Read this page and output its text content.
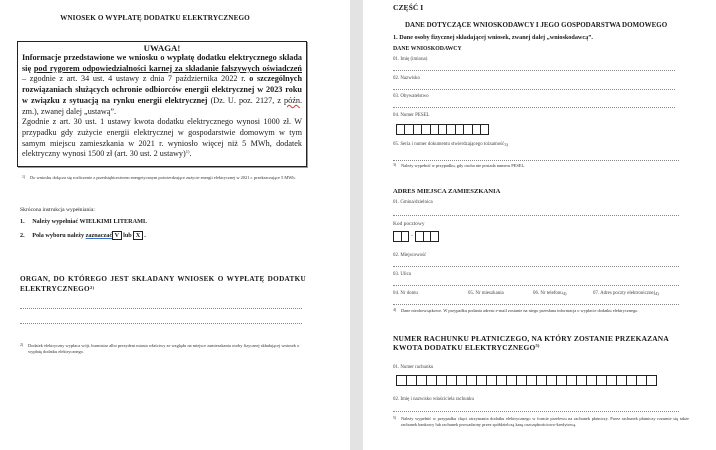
WNIOSEK O WYPŁATĘ DODATKU ELEKTRYCZNEGO
UWAGA!
Informacje przedstawione we wniosku o wypłatę dodatku elektrycznego składa się pod rygorem odpowiedzialności karnej za składanie fałszywych oświadczeń – zgodnie z art. 34 ust. 4 ustawy z dnia 7 października 2022 r. o szczególnych rozwiązaniach służących ochronie odbiorców energii elektrycznej w 2023 roku w związku z sytuacją na rynku energii elektrycznej (Dz. U. poz. 2127, z późn. zm.), zwanej dalej „ustawą”.
Zgodnie z art. 30 ust. 1 ustawy kwota dodatku elektrycznego wynosi 1000 zł. W przypadku gdy zużycie energii elektrycznej w gospodarstwie domowym w tym samym miejscu zamieszkania w 2021 r. wyniosło więcej niż 5 MWh, dodatek elektryczny wynosi 1500 zł (art. 30 ust. 2 ustawy)$^{1)}$.
1) Do wniosku dołącza się rozliczenie z przedsiębiorstwem energetycznym potwierdzające zużycie energii elektrycznej w 2021 r. przekraczające 5 MWh.
Skrócona instrukcja wypełniania:
1. Należy wypełniać WIELKIMI LITERAMI.
2. Pola wyboru należy zaznaczać V lub X .
ORGAN, DO KTÓREGO JEST SKŁADANY WNIOSEK O WYPŁATĘ DODATKU ELEKTRYCZNEGO$^{2)}$
2) Dodatek elektryczny wypłaca wójt, burmistrz albo prezydent miasta właściwy ze względu na miejsce zamieszkania osoby fizycznej składającej wniosek o wypłatę dodatku elektrycznego.
CZĘŚĆ I
DANE DOTYCZĄCE WNIOSKODAWCY I JEGO GOSPODARSTWA DOMOWEGO
1. Dane osoby fizycznej składającej wniosek, zwanej dalej „wnioskodawcą”.
DANE WNIOSKODAWCY
01. Imię (imiona)
02. Nazwisko
03. Obywatelstwo
04. Numer PESEL
05. Seria i numer dokumentu stwierdzającego tożsamość$^{3)}$
3) Należy wypełnić w przypadku, gdy osoba nie posiada numeru PESEL.
ADRES MIEJSCA ZAMIESZKANIA
01. Gmina/dzielnica
Kod pocztowy
-
02. Miejscowość
03. Ulica
04. Nr domu	05. Nr mieszkania	06. Nr telefonu$^{4)}$	07. Adres poczty elektronicznej$^{4)}$
4) Dane nieobowiązkowe. W przypadku podania adresu e-mail zostanie na niego przesłana informacja o wypłacie dodatku elektrycznego.
NUMER RACHUNKU PŁATNICZEGO, NA KTÓRY ZOSTANIE PRZEKAZANA KWOTA DODATKU ELEKTRYCZNEGO$^{5)}$
01. Numer rachunku
02. Imię i nazwisko właściciela rachunku
5) Należy wypełnić w przypadku chęci otrzymania dodatku elektrycznego w formie przelewu na rachunek płatniczy. Przez rachunek płatniczy rozumie się także rachunek bankowy lub rachunek prowadzony przez spółdzielczą kasę oszczędnościowo-kredytową.
